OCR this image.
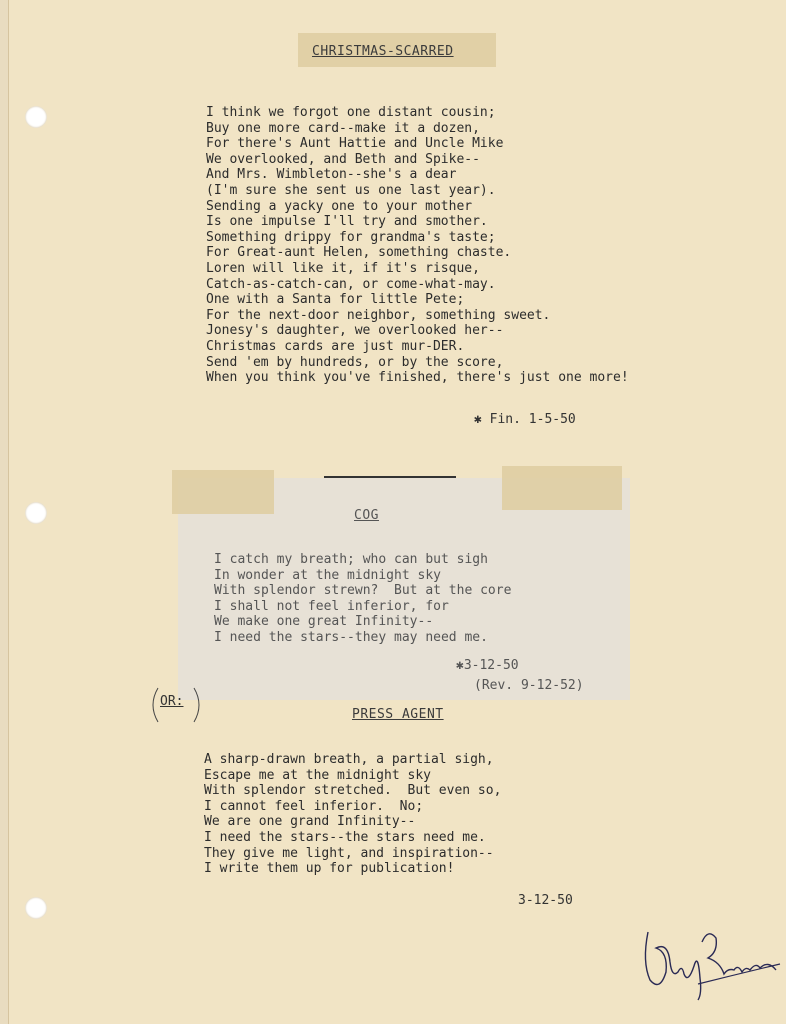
CHRISTMAS-SCARRED
I think we forgot one distant cousin;
Buy one more card--make it a dozen,
For there's Aunt Hattie and Uncle Mike
We overlooked, and Beth and Spike--
And Mrs. Wimbleton--she's a dear
(I'm sure she sent us one last year).
Sending a yacky one to your mother
Is one impulse I'll try and smother.
Something drippy for grandma's taste;
For Great-aunt Helen, something chaste.
Loren will like it, if it's risque,
Catch-as-catch-can, or come-what-may.
One with a Santa for little Pete;
For the next-door neighbor, something sweet.
Jonesy's daughter, we overlooked her--
Christmas cards are just mur-DER.
Send 'em by hundreds, or by the score,
When you think you've finished, there's just one more!
✱ Fin. 1-5-50
COG
I catch my breath; who can but sigh
In wonder at the midnight sky
With splendor strewn?  But at the core
I shall not feel inferior, for
We make one great Infinity--
I need the stars--they may need me.
✱3-12-50
(Rev. 9-12-52)
OR:
PRESS AGENT
A sharp-drawn breath, a partial sigh,
Escape me at the midnight sky
With splendor stretched.  But even so,
I cannot feel inferior.  No;
We are one grand Infinity--
I need the stars--the stars need me.
They give me light, and inspiration--
I write them up for publication!
3-12-50
